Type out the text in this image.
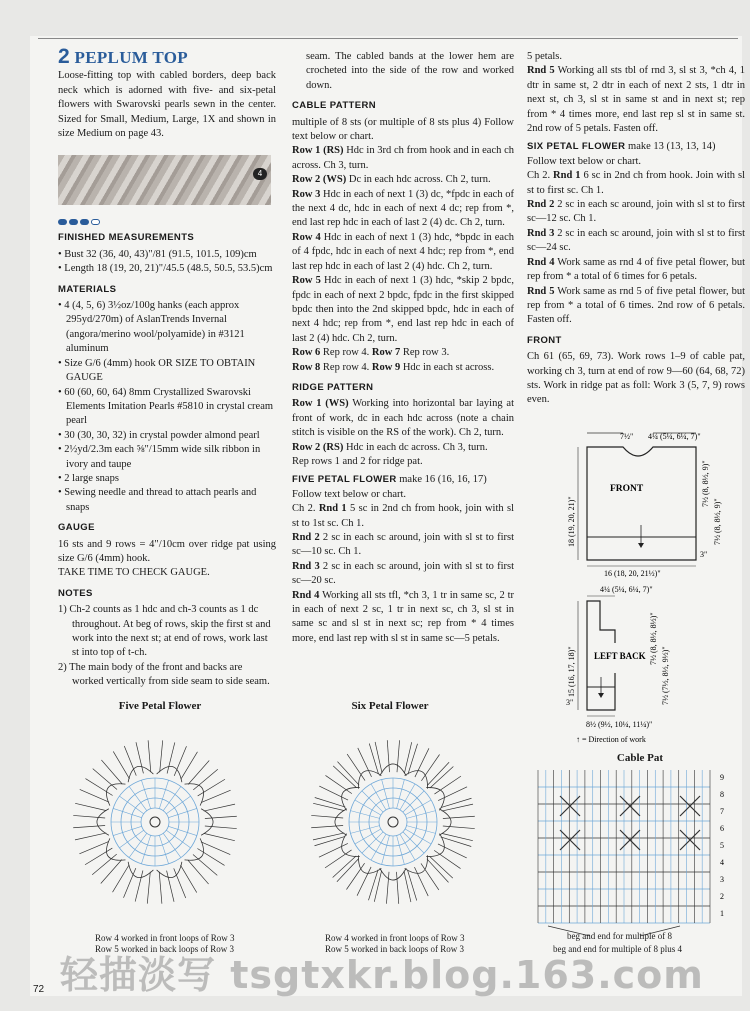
2 PEPLUM TOP

Loose-fitting top with cabled borders, deep back neck which is adorned with five- and six-petal flowers with Swarovski pearls sewn in the center. Sized for Small, Medium, Large, 1X and shown in size Medium on page 43.

4
FINISHED MEASUREMENTS
• Bust 32 (36, 40, 43)"/81 (91.5, 101.5, 109)cm
• Length 18 (19, 20, 21)"/45.5 (48.5, 50.5, 53.5)cm
MATERIALS
• 4 (4, 5, 6) 3½oz/100g hanks (each approx 295yd/270m) of AslanTrends Invernal (angora/merino wool/polyamide) in #3121 aluminum
• Size G/6 (4mm) hook OR SIZE TO OBTAIN GAUGE
• 60 (60, 60, 64) 8mm Crystallized Swarovski Elements Imitation Pearls #5810 in crystal cream pearl
• 30 (30, 30, 32) in crystal powder almond pearl
• 2½yd/2.3m each ⅝"/15mm wide silk ribbon in ivory and taupe
• 2 large snaps
• Sewing needle and thread to attach pearls and snaps
GAUGE

16 sts and 9 rows = 4"/10cm over ridge pat using size G/6 (4mm) hook.

TAKE TIME TO CHECK GAUGE.

NOTES
1) Ch-2 counts as 1 hdc and ch-3 counts as 1 dc throughout. At beg of rows, skip the first st and work into the next st; at end of rows, work last st into top of t-ch.
2) The main body of the front and backs are worked vertically from side seam to side seam.

seam. The cabled bands at the lower hem are crocheted into the side of the row and worked down.

CABLE PATTERN

multiple of 8 sts (or multiple of 8 sts plus 4) Follow text below or chart.

Row 1 (RS) Hdc in 3rd ch from hook and in each ch across. Ch 3, turn.

Row 2 (WS) Dc in each hdc across. Ch 2, turn.

Row 3 Hdc in each of next 1 (3) dc, *fpdc in each of the next 4 dc, hdc in each of next 4 dc; rep from *, end last rep hdc in each of last 2 (4) dc. Ch 2, turn.

Row 4 Hdc in each of next 1 (3) hdc, *bpdc in each of 4 fpdc, hdc in each of next 4 hdc; rep from *, end last rep hdc in each of last 2 (4) hdc. Ch 2, turn.

Row 5 Hdc in each of next 1 (3) hdc, *skip 2 bpdc, fpdc in each of next 2 bpdc, fpdc in the first skipped bpdc then into the 2nd skipped bpdc, hdc in each of next 4 hdc; rep from *, end last rep hdc in each of last 2 (4) hdc. Ch 2, turn.

Row 6 Rep row 4. Row 7 Rep row 3.

Row 8 Rep row 4. Row 9 Hdc in each st across.

RIDGE PATTERN

Row 1 (WS) Working into horizontal bar laying at front of work, dc in each hdc across (note a chain stitch is visible on the RS of the work). Ch 2, turn.

Row 2 (RS) Hdc in each dc across. Ch 3, turn.

Rep rows 1 and 2 for ridge pat.

FIVE PETAL FLOWER make 16 (16, 16, 17)

Follow text below or chart.

Ch 2. Rnd 1 5 sc in 2nd ch from hook, join with sl st to 1st sc. Ch 1.

Rnd 2 2 sc in each sc around, join with sl st to first sc—10 sc. Ch 1.

Rnd 3 2 sc in each sc around, join with sl st to first sc—20 sc.

Rnd 4 Working all sts tfl, *ch 3, 1 tr in same sc, 2 tr in each of next 2 sc, 1 tr in next sc, ch 3, sl st in same sc and sl st in next sc; rep from * 4 times more, end last rep with sl st in same sc—5 petals.

5 petals.

Rnd 5 Working all sts tbl of rnd 3, sl st 3, *ch 4, 1 dtr in same st, 2 dtr in each of next 2 sts, 1 dtr in next st, ch 3, sl st in same st and in next st; rep from * 4 times more, end last rep sl st in same st. 2nd row of 5 petals. Fasten off.

SIX PETAL FLOWER make 13 (13, 13, 14)

Follow text below or chart.

Ch 2. Rnd 1 6 sc in 2nd ch from hook. Join with sl st to first sc. Ch 1.

Rnd 2 2 sc in each sc around, join with sl st to first sc—12 sc. Ch 1.

Rnd 3 2 sc in each sc around, join with sl st to first sc—24 sc.

Rnd 4 Work same as rnd 4 of five petal flower, but rep from * a total of 6 times for 6 petals.

Rnd 5 Work same as rnd 5 of five petal flower, but rep from * a total of 6 times. 2nd row of 6 petals. Fasten off.

FRONT

Ch 61 (65, 69, 73). Work rows 1–9 of cable pat, working ch 3, turn at end of row 9—60 (64, 68, 72) sts. Work in ridge pat as foll: Work 3 (5, 7, 9) rows even.

7½" 4¼ (5¼, 6¼, 7)"
FRONT
18 (19, 20, 21)"
7½ (8, 8½, 9)"
7½ (8, 8½, 9)"
3"
16 (18, 20, 21½)"
4¼ (5¼, 6¼, 7)"
LEFT BACK
15 (16, 17, 18)"
7½ (8, 8½, 8½)"
7½ (7½, 8½, 9½)"
3"
8½ (9½, 10¼, 11¼)"
↑ = Direction of work
Five Petal Flower	Six Petal Flower
Row 4 worked in front loops of Row 3
Row 5 worked in back loops of Row 3
Row 4 worked in front loops of Row 3
Row 5 worked in back loops of Row 3
Cable Pat
9
8
7
6
5
4
3
2
1
beg and end for multiple of 8
beg and end for multiple of 8 plus 4
轻描淡写 tsgtxkr.blog.163.com
72
